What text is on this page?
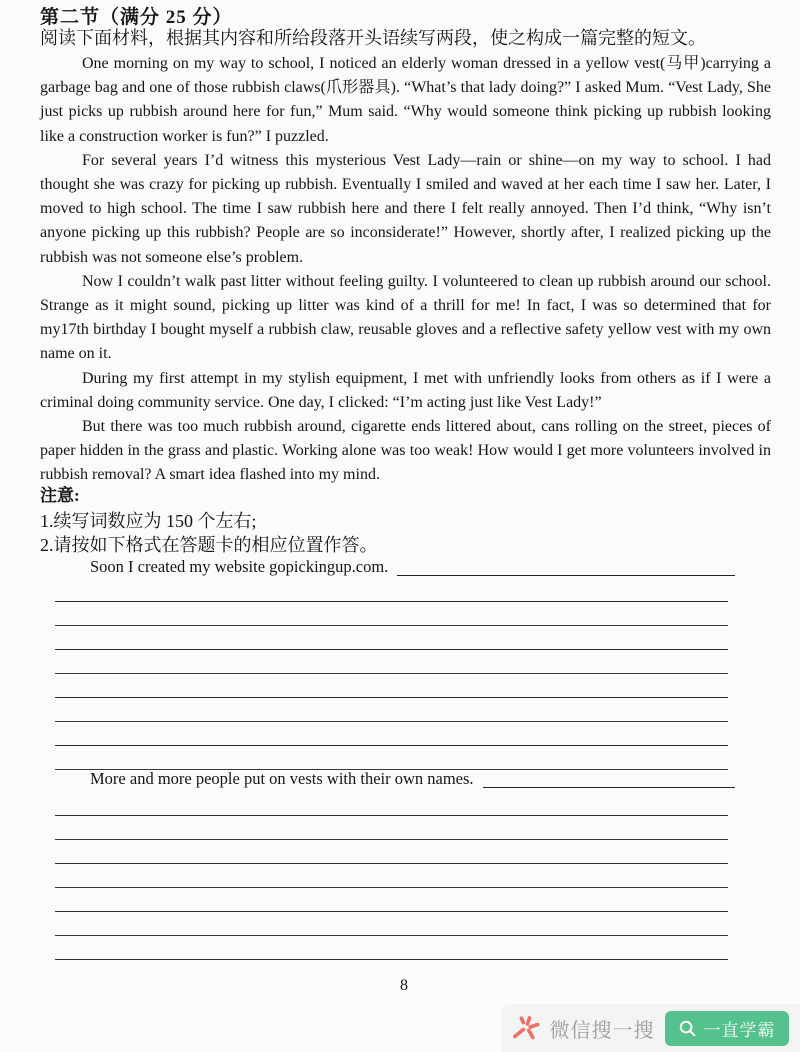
第二节（满分 25 分）
阅读下面材料，根据其内容和所给段落开头语续写两段，使之构成一篇完整的短文。

One morning on my way to school, I noticed an elderly woman dressed in a yellow vest(马甲)carrying a garbage bag and one of those rubbish claws(爪形器具). “What’s that lady doing?” I asked Mum. “Vest Lady, She just picks up rubbish around here for fun,” Mum said. “Why would someone think picking up rubbish looking like a construction worker is fun?” I puzzled.

For several years I’d witness this mysterious Vest Lady—rain or shine—on my way to school. I had thought she was crazy for picking up rubbish. Eventually I smiled and waved at her each time I saw her. Later, I moved to high school. The time I saw rubbish here and there I felt really annoyed. Then I’d think, “Why isn’t anyone picking up this rubbish? People are so inconsiderate!” However, shortly after, I realized picking up the rubbish was not someone else’s problem.

Now I couldn’t walk past litter without feeling guilty. I volunteered to clean up rubbish around our school. Strange as it might sound, picking up litter was kind of a thrill for me! In fact, I was so determined that for my17th birthday I bought myself a rubbish claw, reusable gloves and a reflective safety yellow vest with my own name on it.

During my first attempt in my stylish equipment, I met with unfriendly looks from others as if I were a criminal doing community service. One day, I clicked: “I’m acting just like Vest Lady!”

But there was too much rubbish around, cigarette ends littered about, cans rolling on the street, pieces of paper hidden in the grass and plastic. Working alone was too weak! How would I get more volunteers involved in rubbish removal? A smart idea flashed into my mind.

注意:

1.续写词数应为 150 个左右;

2.请按如下格式在答题卡的相应位置作答。

Soon I created my website gopickingup.com.
More and more people put on vests with their own names.
8
微信搜一搜	一直学霸
